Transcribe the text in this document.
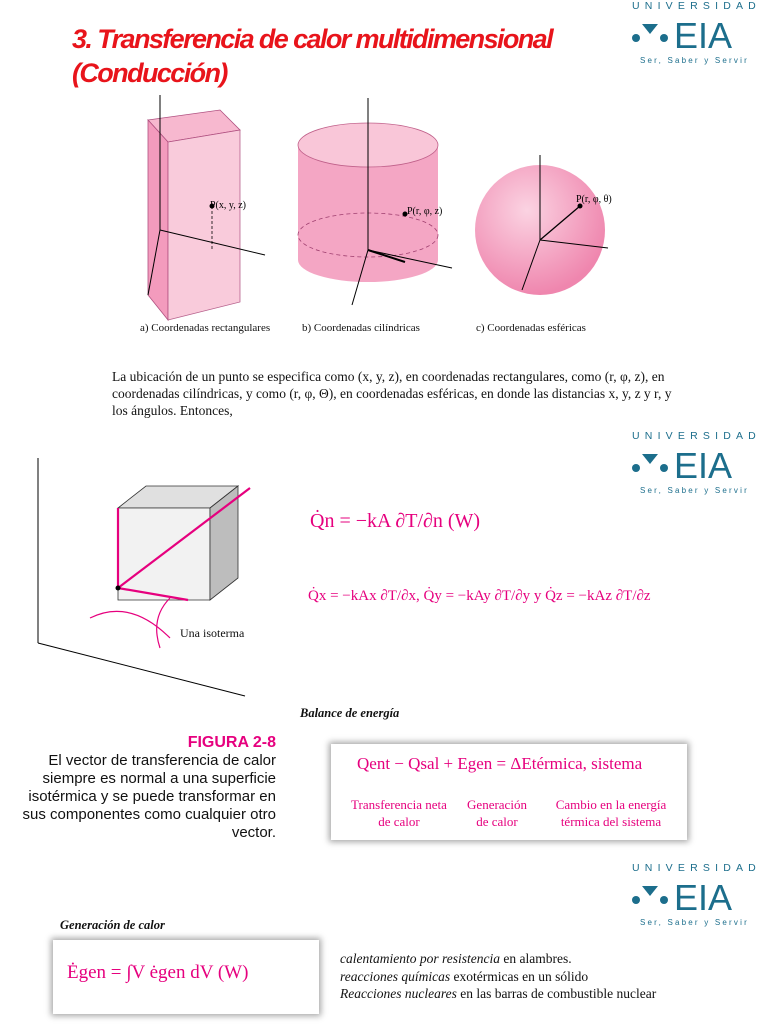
3. Transferencia de calor multidimensional (Conducción)
UNIVERSIDAD
EIA
Ser, Saber y Servir
UNIVERSIDAD
EIA
Ser, Saber y Servir
UNIVERSIDAD
EIA
Ser, Saber y Servir
P(x, y, z)
P(r, φ, z)
P(r, φ, θ)
a) Coordenadas rectangulares	b) Coordenadas cilíndricas	c) Coordenadas esféricas
La ubicación de un punto se especifica como (x, y, z), en coordenadas rectangulares, como (r, φ, z), en coordenadas cilíndricas, y como (r, φ, Θ), en coordenadas esféricas, en donde las distancias x, y, z y r, y los ángulos. Entonces,
Una isoterma
Q̇n = −kA ∂T/∂n (W)
Q̇x = −kAx ∂T/∂x, Q̇y = −kAy ∂T/∂y y Q̇z = −kAz ∂T/∂z
Balance de energía
FIGURA 2-8
El vector de transferencia de calor siempre es normal a una superficie isotérmica y se puede transformar en sus componentes como cualquier otro vector.
Qent − Qsal + Egen = ΔEtérmica, sistema
Transferencia neta de calor
Generación de calor
Cambio en la energía térmica del sistema
Generación de calor
Ėgen = ∫V ėgen dV (W)
calentamiento por resistencia en alambres.
reacciones químicas exotérmicas en un sólido
Reacciones nucleares en las barras de combustible nuclear
